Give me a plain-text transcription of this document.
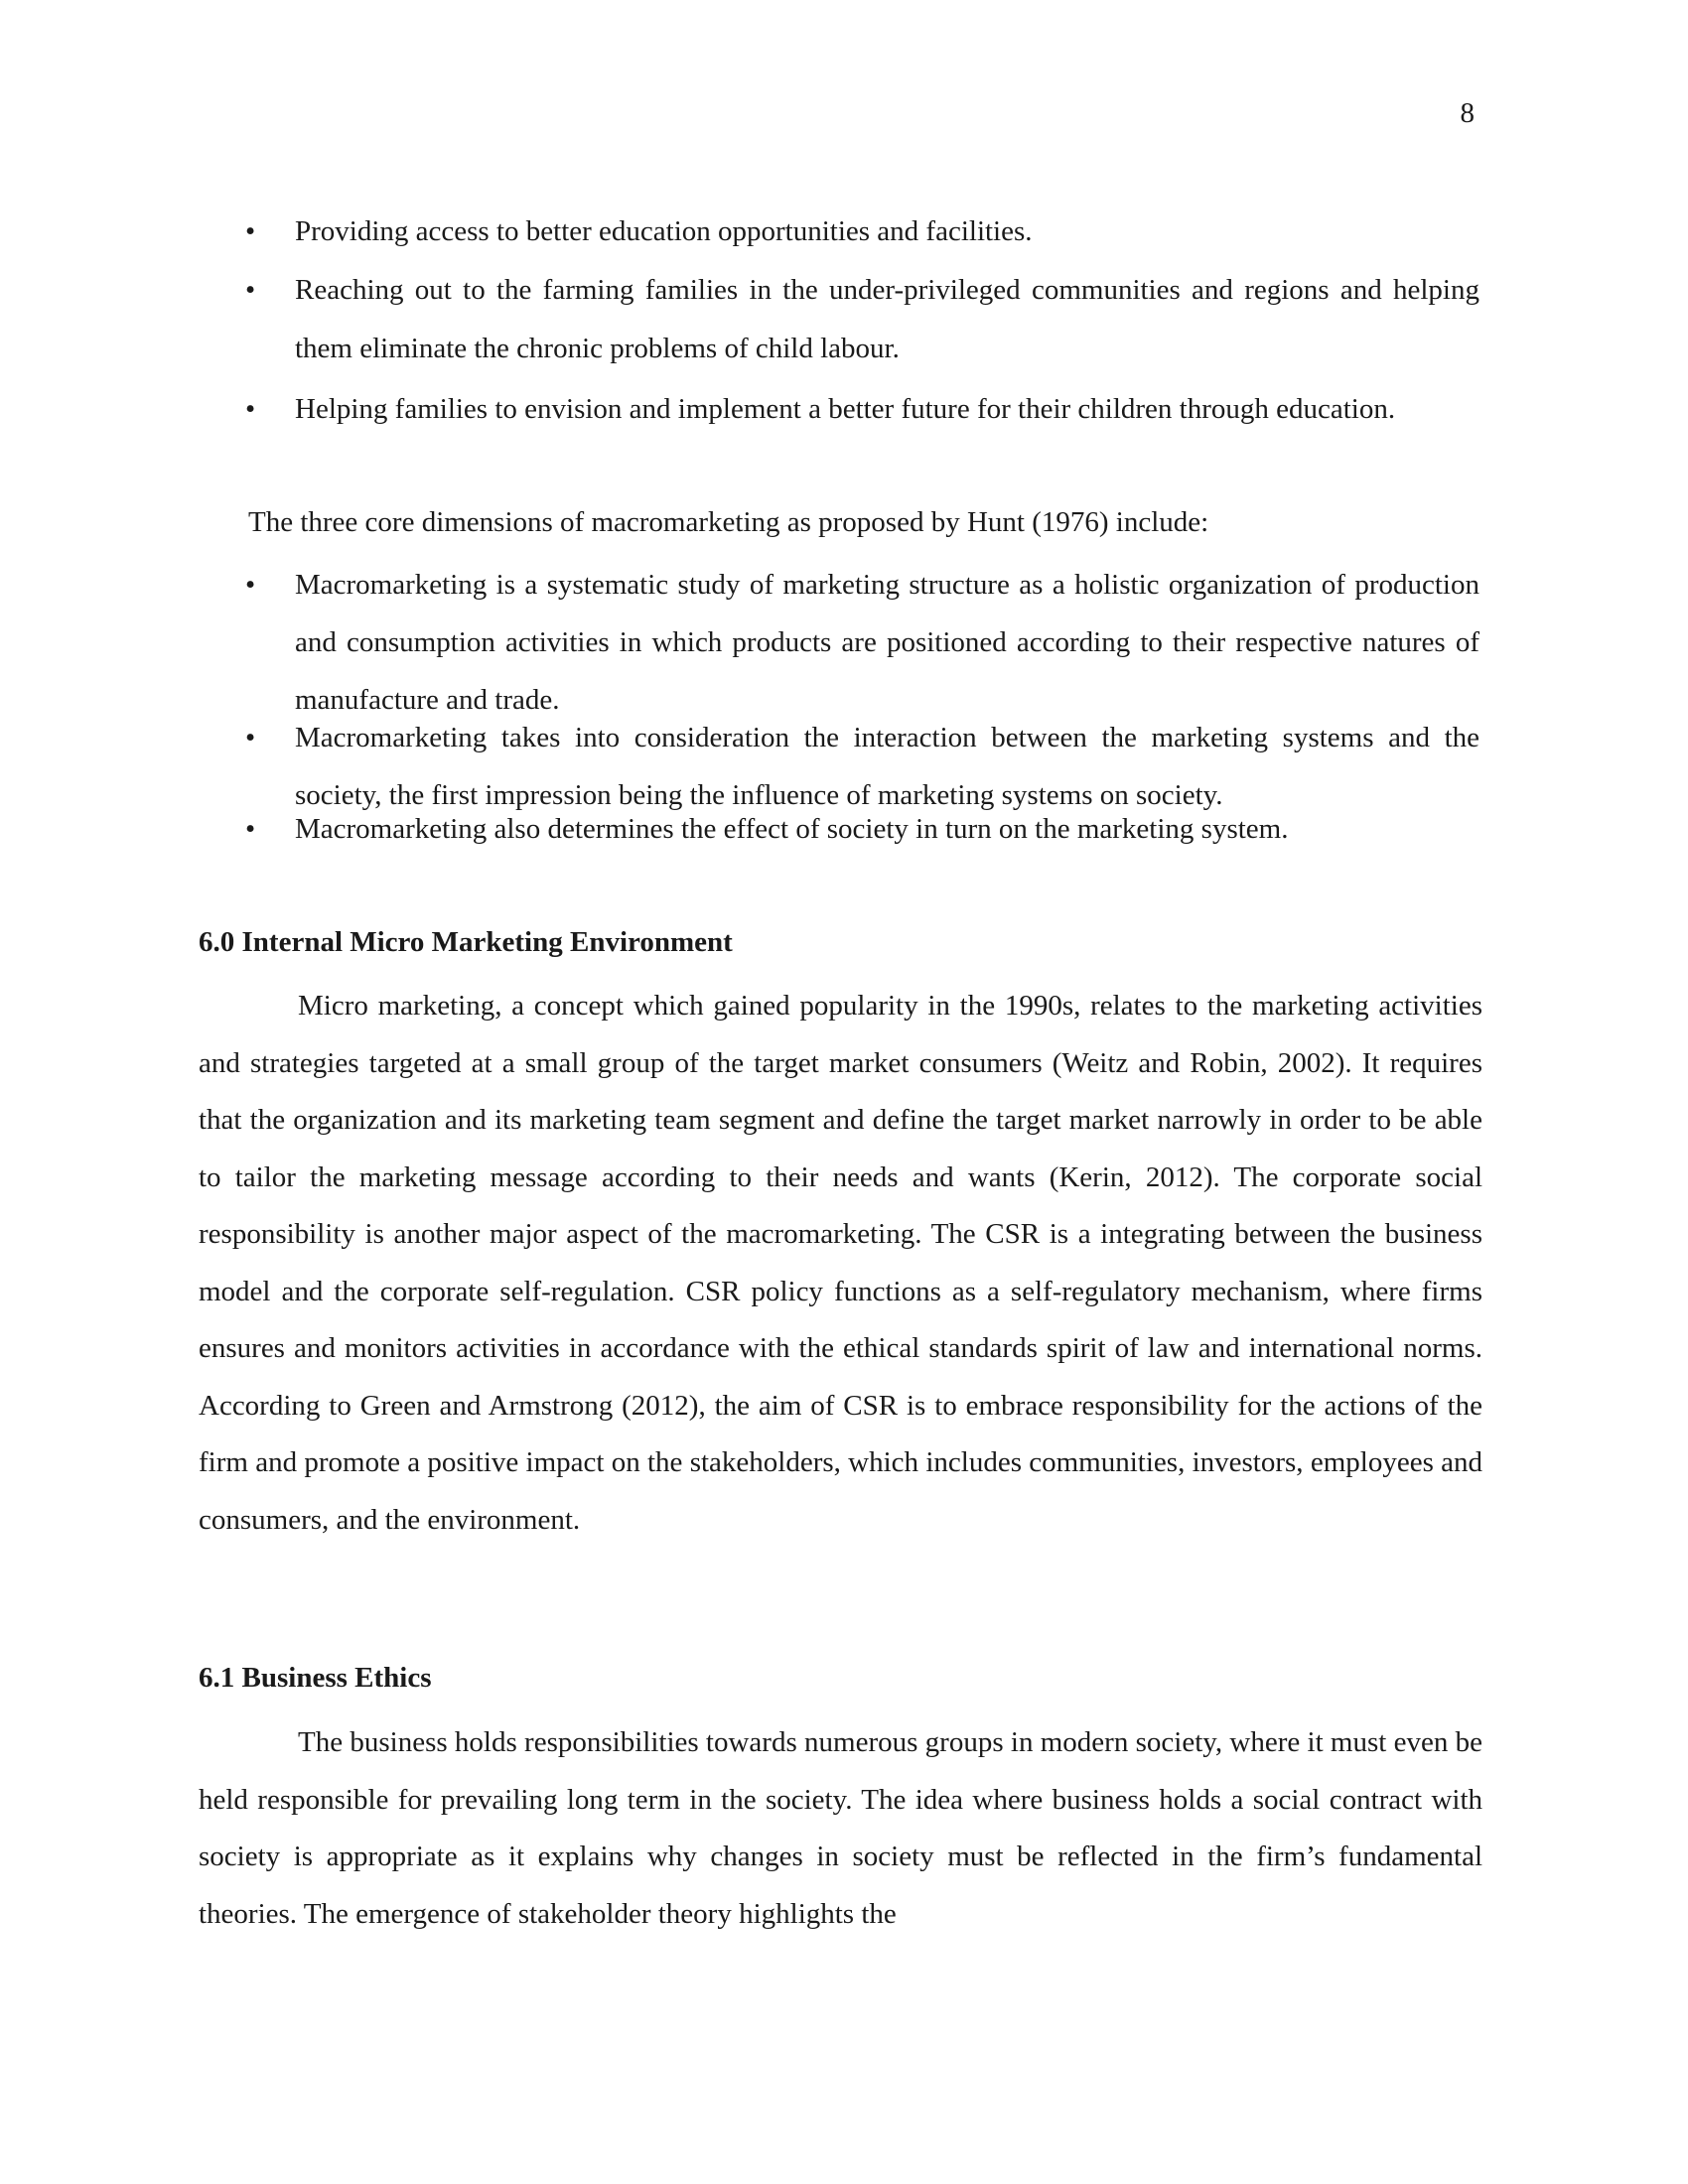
8
•	Providing access to better education opportunities and facilities.
•	Reaching out to the farming families in the under-privileged communities and regions and helping them eliminate the chronic problems of child labour.
•	Helping families to envision and implement a better future for their children through education.
The three core dimensions of macromarketing as proposed by Hunt (1976) include:
•	Macromarketing is a systematic study of marketing structure as a holistic organization of production and consumption activities in which products are positioned according to their respective natures of manufacture and trade.
•	Macromarketing takes into consideration the interaction between the marketing systems and the society, the first impression being the influence of marketing systems on society.
•	Macromarketing also determines the effect of society in turn on the marketing system.
6.0 Internal Micro Marketing Environment

Micro marketing, a concept which gained popularity in the 1990s, relates to the marketing activities and strategies targeted at a small group of the target market consumers (Weitz and Robin, 2002). It requires that the organization and its marketing team segment and define the target market narrowly in order to be able to tailor the marketing message according to their needs and wants (Kerin, 2012). The corporate social responsibility is another major aspect of the macromarketing. The CSR is a integrating between the business model and the corporate self-regulation. CSR policy functions as a self-regulatory mechanism, where firms ensures and monitors activities in accordance with the ethical standards spirit of law and international norms. According to Green and Armstrong (2012), the aim of CSR is to embrace responsibility for the actions of the firm and promote a positive impact on the stakeholders, which includes communities, investors, employees and consumers, and the environment.

6.1 Business Ethics

The business holds responsibilities towards numerous groups in modern society, where it must even be held responsible for prevailing long term in the society. The idea where business holds a social contract with society is appropriate as it explains why changes in society must be reflected in the firm’s fundamental theories. The emergence of stakeholder theory highlights the
